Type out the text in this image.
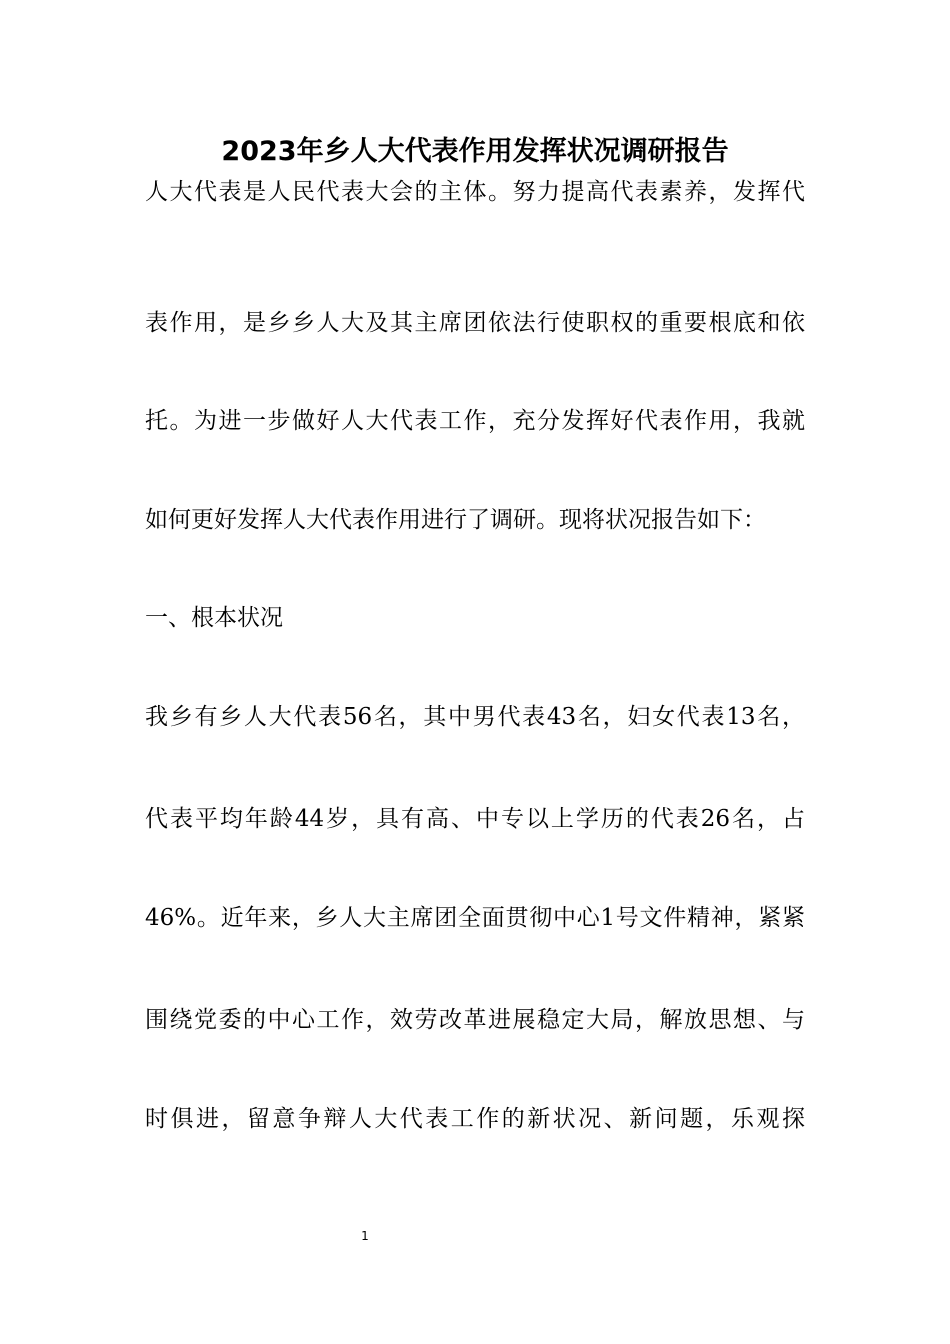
2023年乡人大代表作用发挥状况调研报告

人大代表是人民代表大会的主体。努力提高代表素养，发挥代

表作用，是乡乡人大及其主席团依法行使职权的重要根底和依

托。为进一步做好人大代表工作，充分发挥好代表作用，我就

如何更好发挥人大代表作用进行了调研。现将状况报告如下：

一、根本状况

我乡有乡人大代表56名，其中男代表43名，妇女代表13名，

代表平均年龄44岁，具有高、中专以上学历的代表26名，占

46%。近年来，乡人大主席团全面贯彻中心1号文件精神，紧紧

围绕党委的中心工作，效劳改革进展稳定大局，解放思想、与

时俱进，留意争辩人大代表工作的新状况、新问题，乐观探

1
